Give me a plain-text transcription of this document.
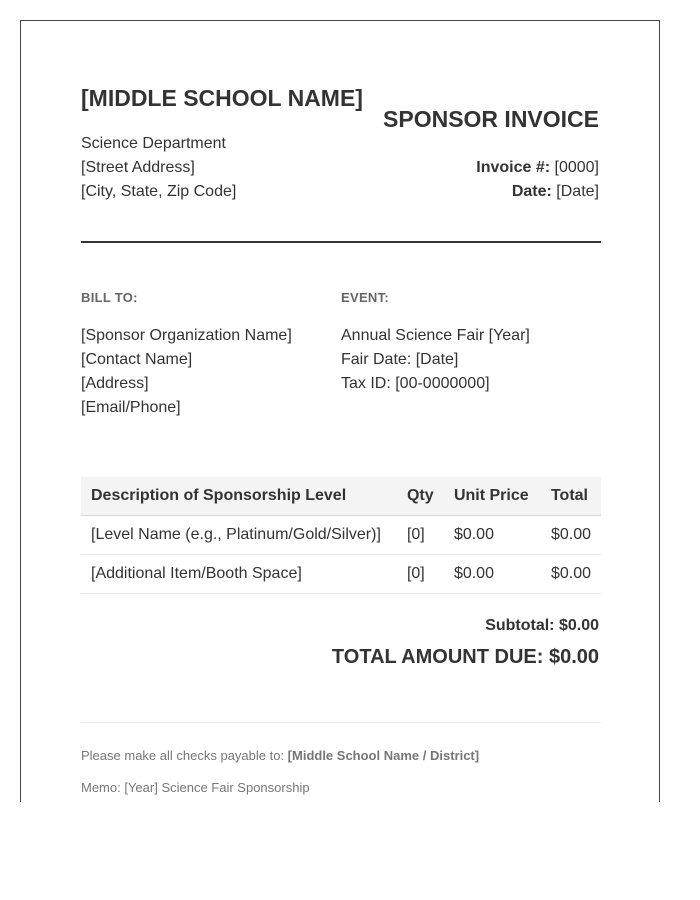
[MIDDLE SCHOOL NAME]
SPONSOR INVOICE
Science Department
[Street Address]
[City, State, Zip Code]
Invoice #: [0000]
Date: [Date]
BILL TO:
[Sponsor Organization Name]
[Contact Name]
[Address]
[Email/Phone]
EVENT:
Annual Science Fair [Year]
Fair Date: [Date]
Tax ID: [00-0000000]
Description of Sponsorship Level	Qty	Unit Price	Total
[Level Name (e.g., Platinum/Gold/Silver)]	[0]	$0.00	$0.00
[Additional Item/Booth Space]	[0]	$0.00	$0.00
Subtotal: $0.00
TOTAL AMOUNT DUE: $0.00
Please make all checks payable to: [Middle School Name / District]
Memo: [Year] Science Fair Sponsorship
